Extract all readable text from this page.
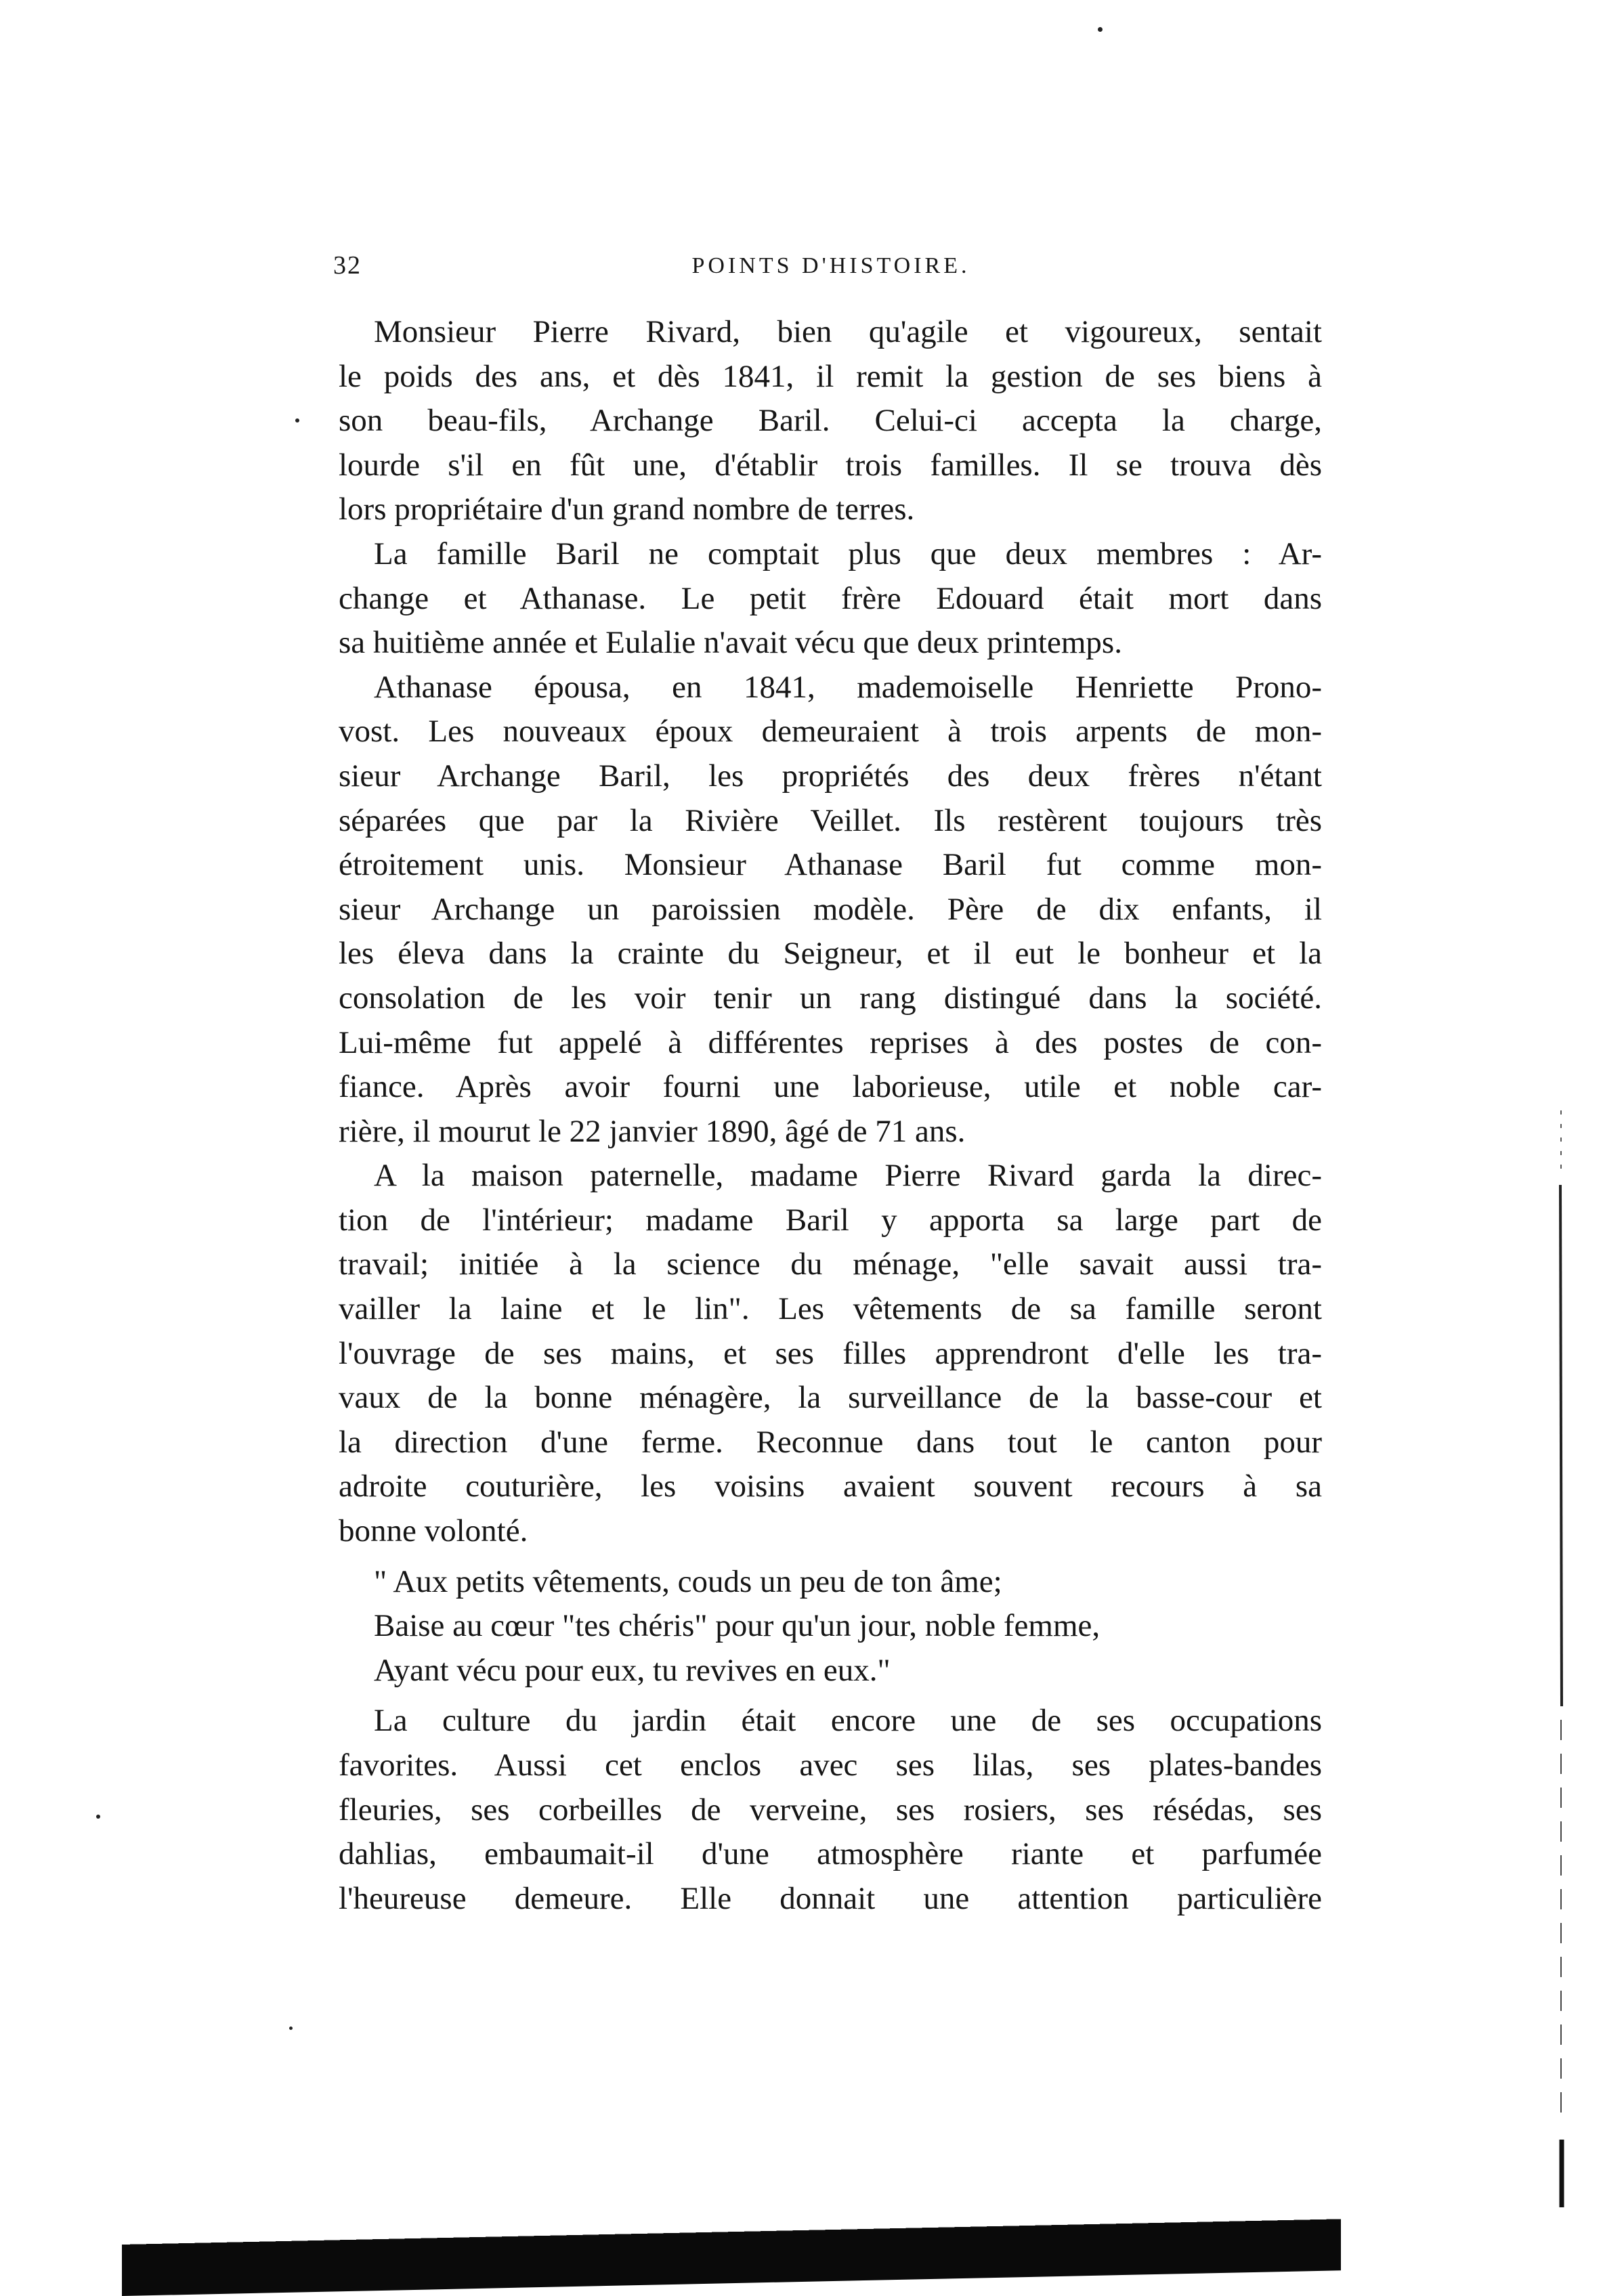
32	POINTS D'HISTOIRE.
Monsieur Pierre Rivard, bien qu'agile et vigoureux, sentait
le poids des ans, et dès 1841, il remit la gestion de ses biens à
son beau-fils, Archange Baril. Celui-ci accepta la charge,
lourde s'il en fût une, d'établir trois familles. Il se trouva dès
lors propriétaire d'un grand nombre de terres.
La famille Baril ne comptait plus que deux membres : Ar-
change et Athanase. Le petit frère Edouard était mort dans
sa huitième année et Eulalie n'avait vécu que deux printemps.
Athanase épousa, en 1841, mademoiselle Henriette Prono-
vost. Les nouveaux époux demeuraient à trois arpents de mon-
sieur Archange Baril, les propriétés des deux frères n'étant
séparées que par la Rivière Veillet. Ils restèrent toujours très
étroitement unis. Monsieur Athanase Baril fut comme mon-
sieur Archange un paroissien modèle. Père de dix enfants, il
les éleva dans la crainte du Seigneur, et il eut le bonheur et la
consolation de les voir tenir un rang distingué dans la société.
Lui-même fut appelé à différentes reprises à des postes de con-
fiance. Après avoir fourni une laborieuse, utile et noble car-
rière, il mourut le 22 janvier 1890, âgé de 71 ans.
A la maison paternelle, madame Pierre Rivard garda la direc-
tion de l'intérieur; madame Baril y apporta sa large part de
travail; initiée à la science du ménage, "elle savait aussi tra-
vailler la laine et le lin". Les vêtements de sa famille seront
l'ouvrage de ses mains, et ses filles apprendront d'elle les tra-
vaux de la bonne ménagère, la surveillance de la basse-cour et
la direction d'une ferme. Reconnue dans tout le canton pour
adroite couturière, les voisins avaient souvent recours à sa
bonne volonté.
" Aux petits vêtements, couds un peu de ton âme;
Baise au cœur "tes chéris" pour qu'un jour, noble femme,
Ayant vécu pour eux, tu revives en eux."
La culture du jardin était encore une de ses occupations
favorites. Aussi cet enclos avec ses lilas, ses plates-bandes
fleuries, ses corbeilles de verveine, ses rosiers, ses résédas, ses
dahlias, embaumait-il d'une atmosphère riante et parfumée
l'heureuse demeure. Elle donnait une attention particulière
